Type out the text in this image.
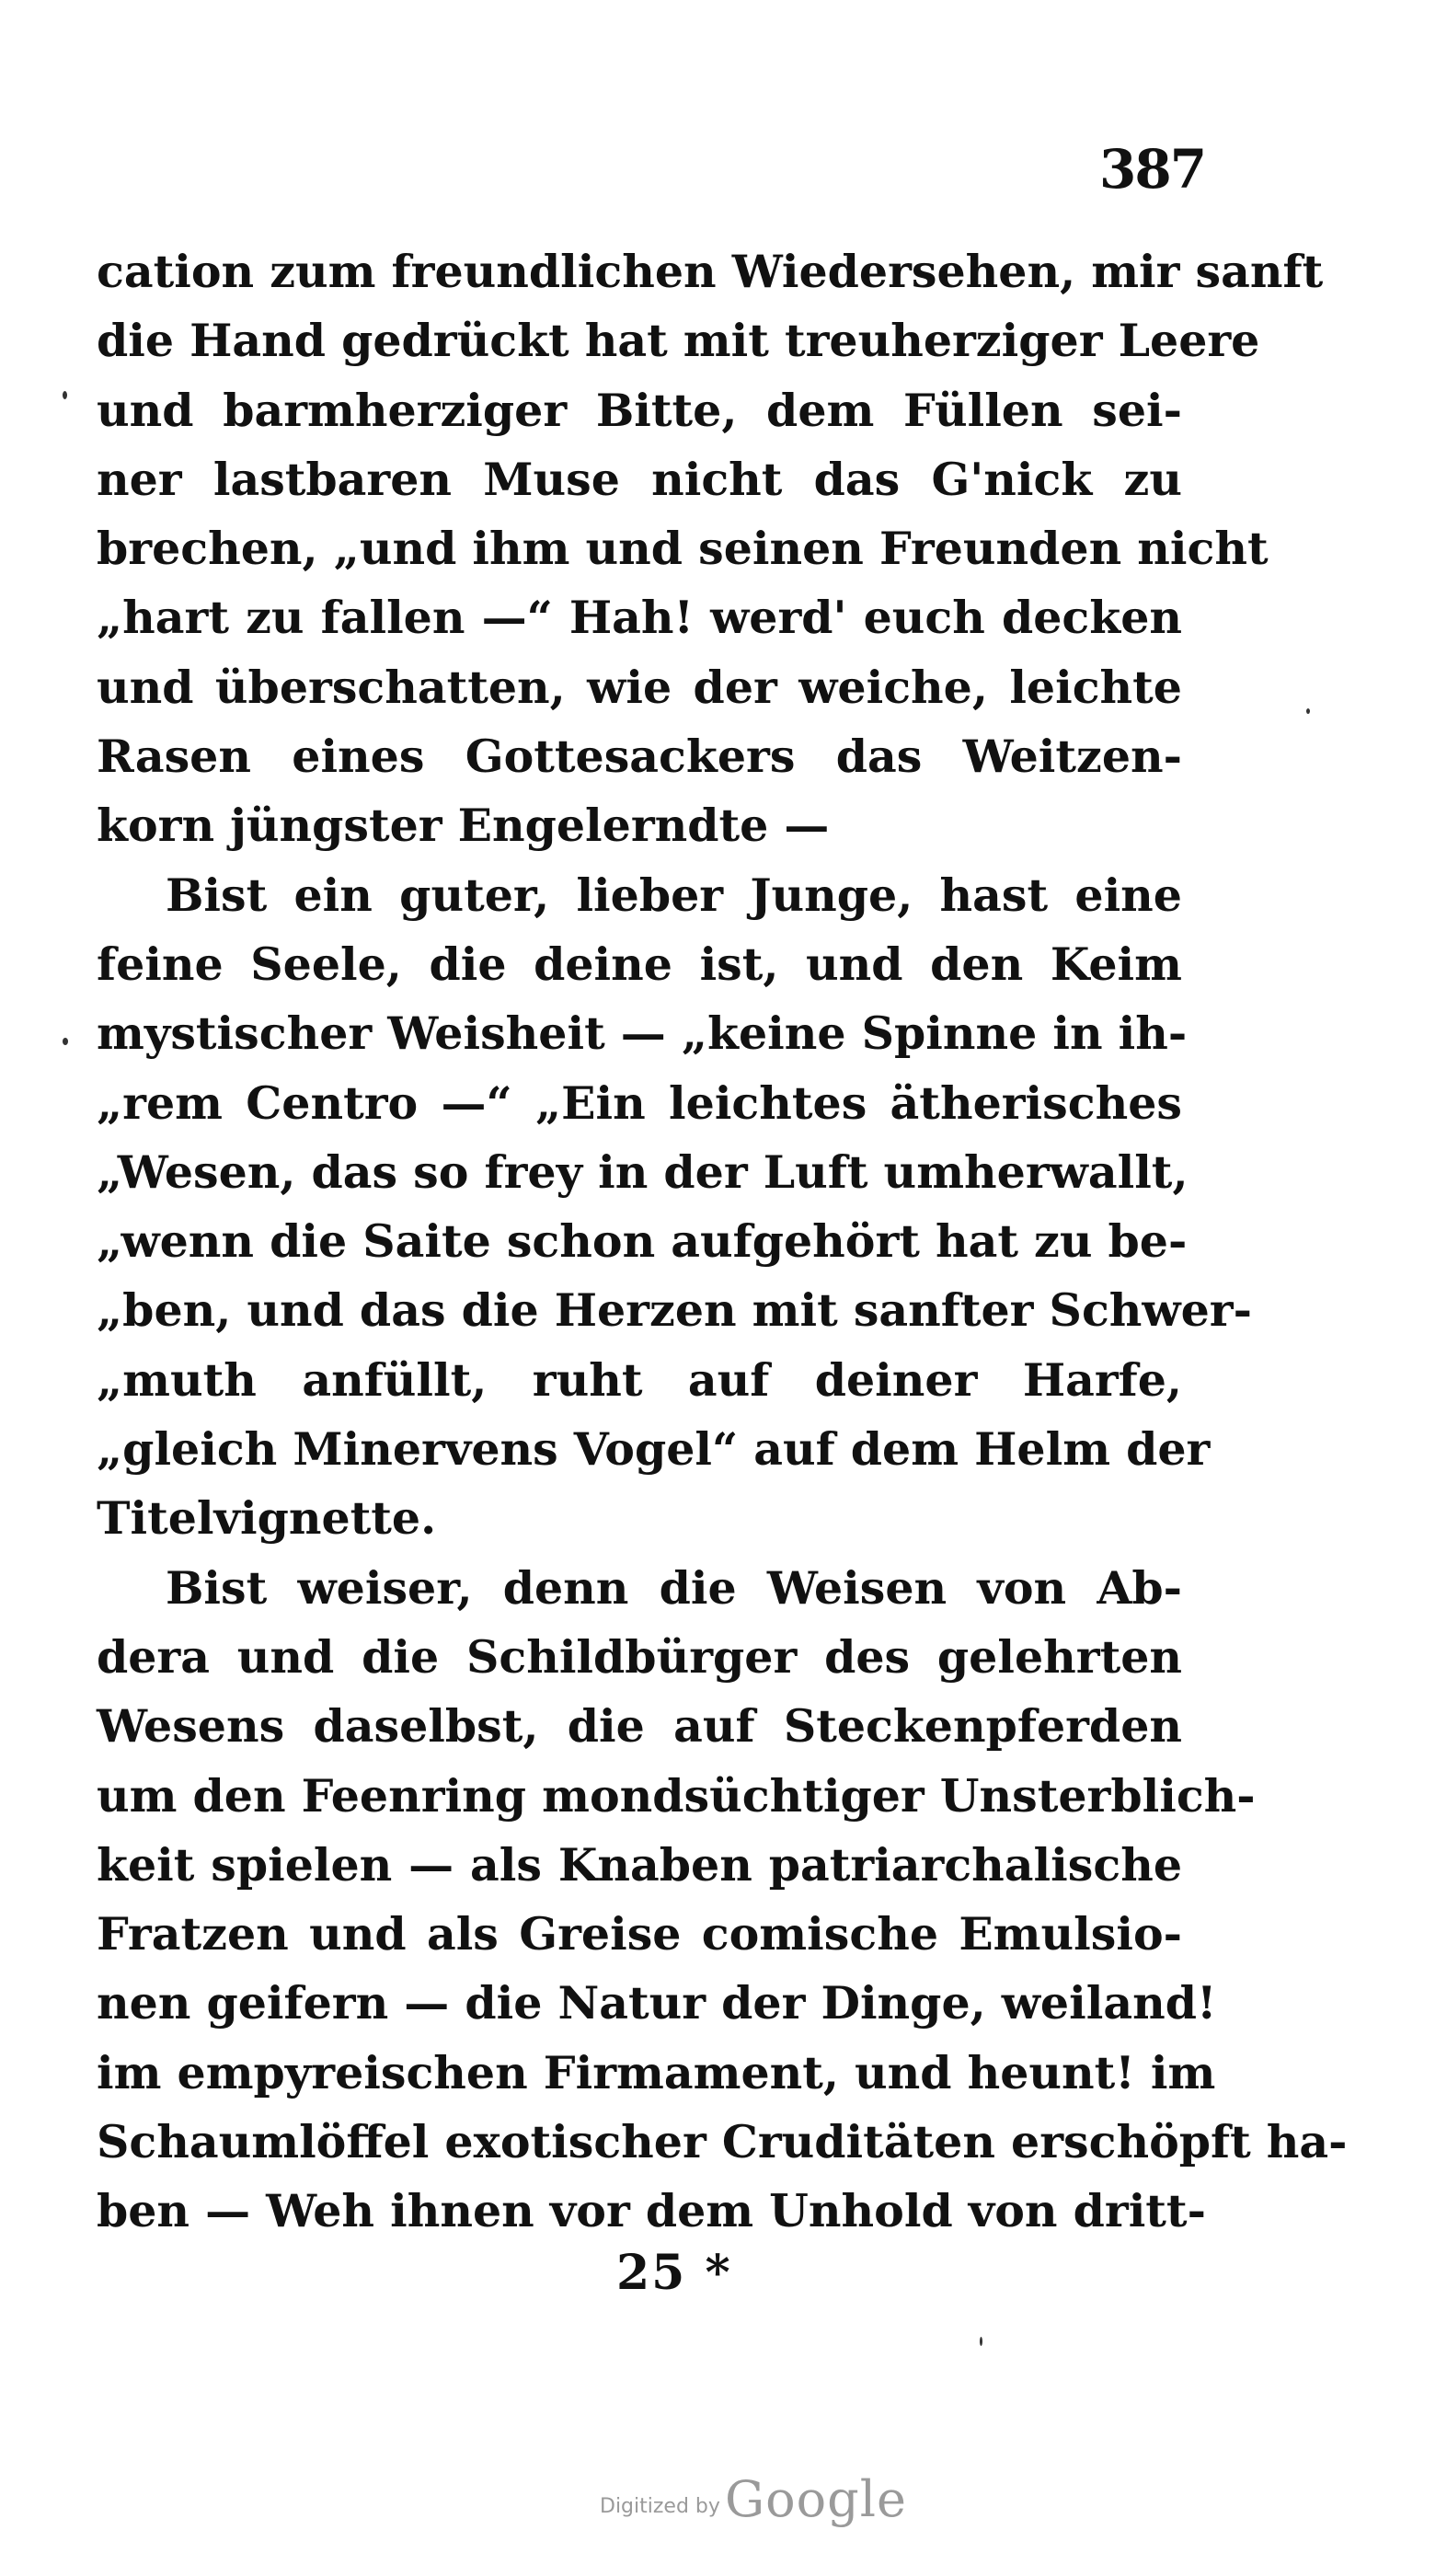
387
cation zum freundlichen Wiedersehen, mir sanft
die Hand gedrückt hat mit treuherziger Leere
und barmherziger Bitte, dem Füllen sei-
ner lastbaren Muse nicht das G'nick zu
brechen, „und ihm und seinen Freunden nicht
„hart zu fallen —“ Hah! werd' euch decken
und überschatten, wie der weiche, leichte
Rasen eines Gottesackers das Weitzen-
korn jüngster Engelerndte —
Bist ein guter, lieber Junge, hast eine
feine Seele, die deine ist, und den Keim
mystischer Weisheit — „keine Spinne in ih-
„rem Centro —“ „Ein leichtes ätherisches
„Wesen, das so frey in der Luft umherwallt,
„wenn die Saite schon aufgehört hat zu be-
„ben, und das die Herzen mit sanfter Schwer-
„muth anfüllt, ruht auf deiner Harfe,
„gleich Minervens Vogel“ auf dem Helm der
Titelvignette.
Bist weiser, denn die Weisen von Ab-
dera und die Schildbürger des gelehrten
Wesens daselbst, die auf Steckenpferden
um den Feenring mondsüchtiger Unsterblich-
keit spielen — als Knaben patriarchalische
Fratzen und als Greise comische Emulsio-
nen geifern — die Natur der Dinge, weiland!
im empyreischen Firmament, und heunt! im
Schaumlöffel exotischer Cruditäten erschöpft ha-
ben — Weh ihnen vor dem Unhold von dritt-
25 *
Digitized by Google
